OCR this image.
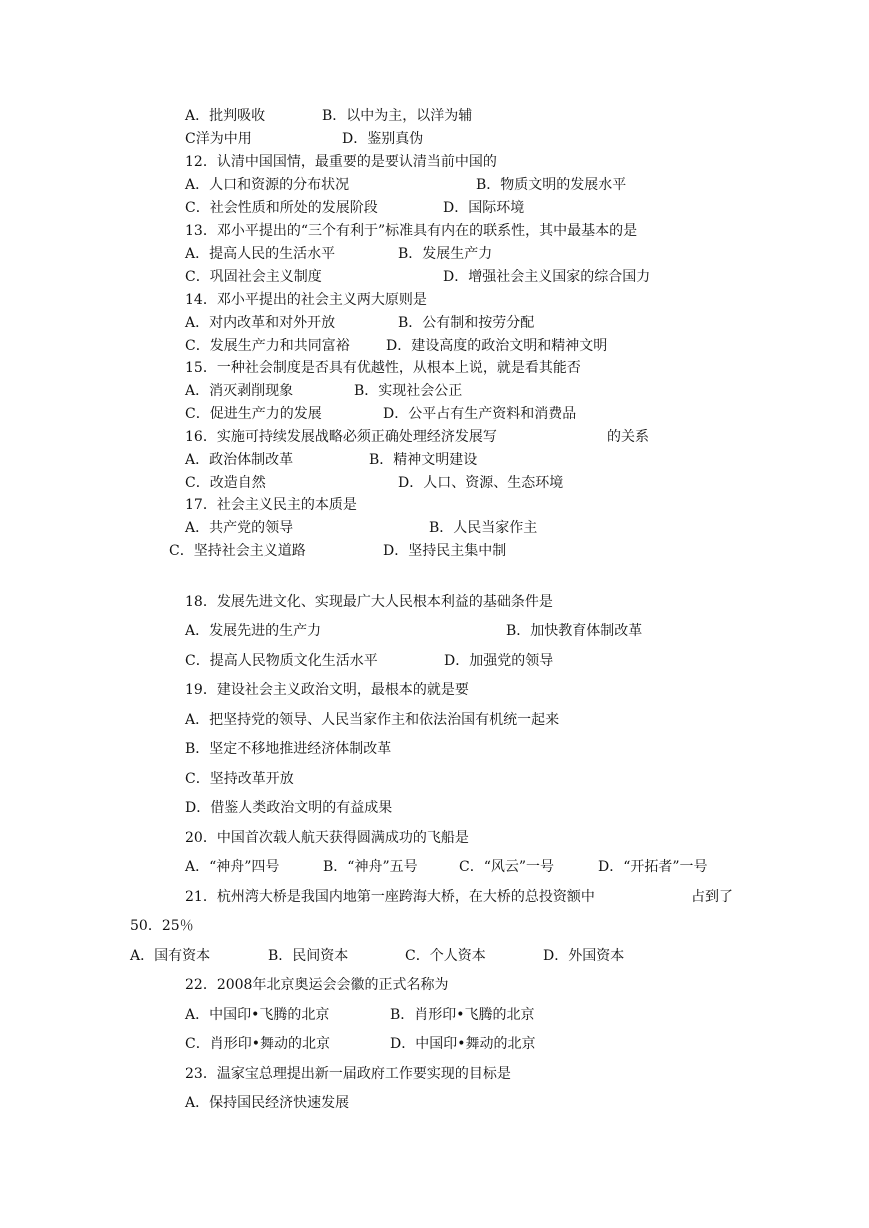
A．批判吸收	B．以中为主，以洋为辅
C洋为中用	D．鉴别真伪
12．认清中国国情，最重要的是要认清当前中国的
A．人口和资源的分布状况	B．物质文明的发展水平
C．社会性质和所处的发展阶段	D．国际环境
13．邓小平提出的“三个有利于”标准具有内在的联系性，其中最基本的是
A．提高人民的生活水平	B．发展生产力
C．巩固社会主义制度	D．增强社会主义国家的综合国力
14．邓小平提出的社会主义两大原则是
A．对内改革和对外开放	B．公有制和按劳分配
C．发展生产力和共同富裕	D．建设高度的政治文明和精神文明
15．一种社会制度是否具有优越性，从根本上说，就是看其能否
A．消灭剥削现象	B．实现社会公正
C．促进生产力的发展	D．公平占有生产资料和消费品
16．实施可持续发展战略必须正确处理经济发展写	的关系
A．政治体制改革	B．精神文明建设
C．改造自然	D．人口、资源、生态环境
17．社会主义民主的本质是
A．共产党的领导	B．人民当家作主
C．坚持社会主义道路	D．坚持民主集中制
18．发展先进文化、实现最广大人民根本利益的基础条件是
A．发展先进的生产力	B．加快教育体制改革
C．提高人民物质文化生活水平	D．加强党的领导
19．建设社会主义政治文明，最根本的就是要
A．把坚持党的领导、人民当家作主和依法治国有机统一起来
B．坚定不移地推进经济体制改革
C．坚持改革开放
D．借鉴人类政治文明的有益成果
20．中国首次载人航天获得圆满成功的飞船是
A．“神舟”四号	B．“神舟”五号	C．“风云”一号	D．“开拓者”一号
21．杭州湾大桥是我国内地第一座跨海大桥，在大桥的总投资额中	占到了
50．25％
A．国有资本	B．民间资本	C．个人资本	D．外国资本
22．2008年北京奥运会会徽的正式名称为
A．中国印•飞腾的北京	B．肖形印•飞腾的北京
C．肖形印•舞动的北京	D．中国印•舞动的北京
23．温家宝总理提出新一届政府工作要实现的目标是
A．保持国民经济快速发展
